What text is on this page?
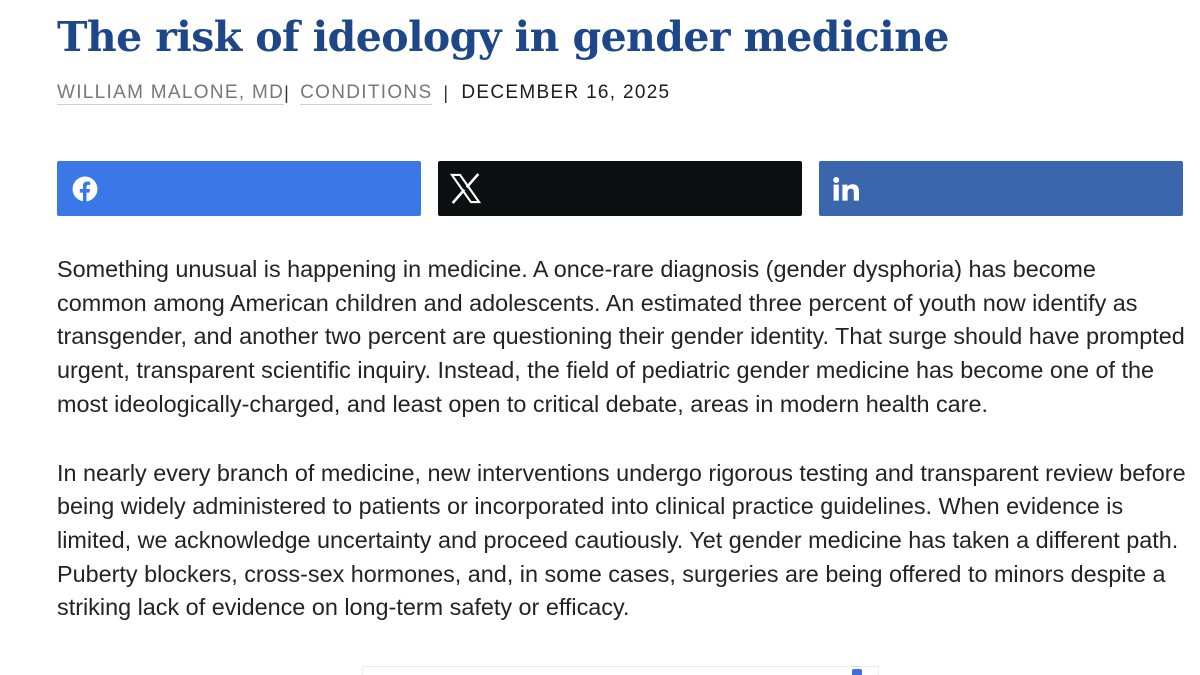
The risk of ideology in gender medicine
WILLIAM MALONE, MD | CONDITIONS | DECEMBER 16, 2025

Something unusual is happening in medicine. A once-rare diagnosis (gender dysphoria) has become common among American children and adolescents. An estimated three percent of youth now identify as transgender, and another two percent are questioning their gender identity. That surge should have prompted urgent, transparent scientific inquiry. Instead, the field of pediatric gender medicine has become one of the most ideologically-charged, and least open to critical debate, areas in modern health care.

In nearly every branch of medicine, new interventions undergo rigorous testing and transparent review before being widely administered to patients or incorporated into clinical practice guidelines. When evidence is limited, we acknowledge uncertainty and proceed cautiously. Yet gender medicine has taken a different path. Puberty blockers, cross-sex hormones, and, in some cases, surgeries are being offered to minors despite a striking lack of evidence on long-term safety or efficacy.
